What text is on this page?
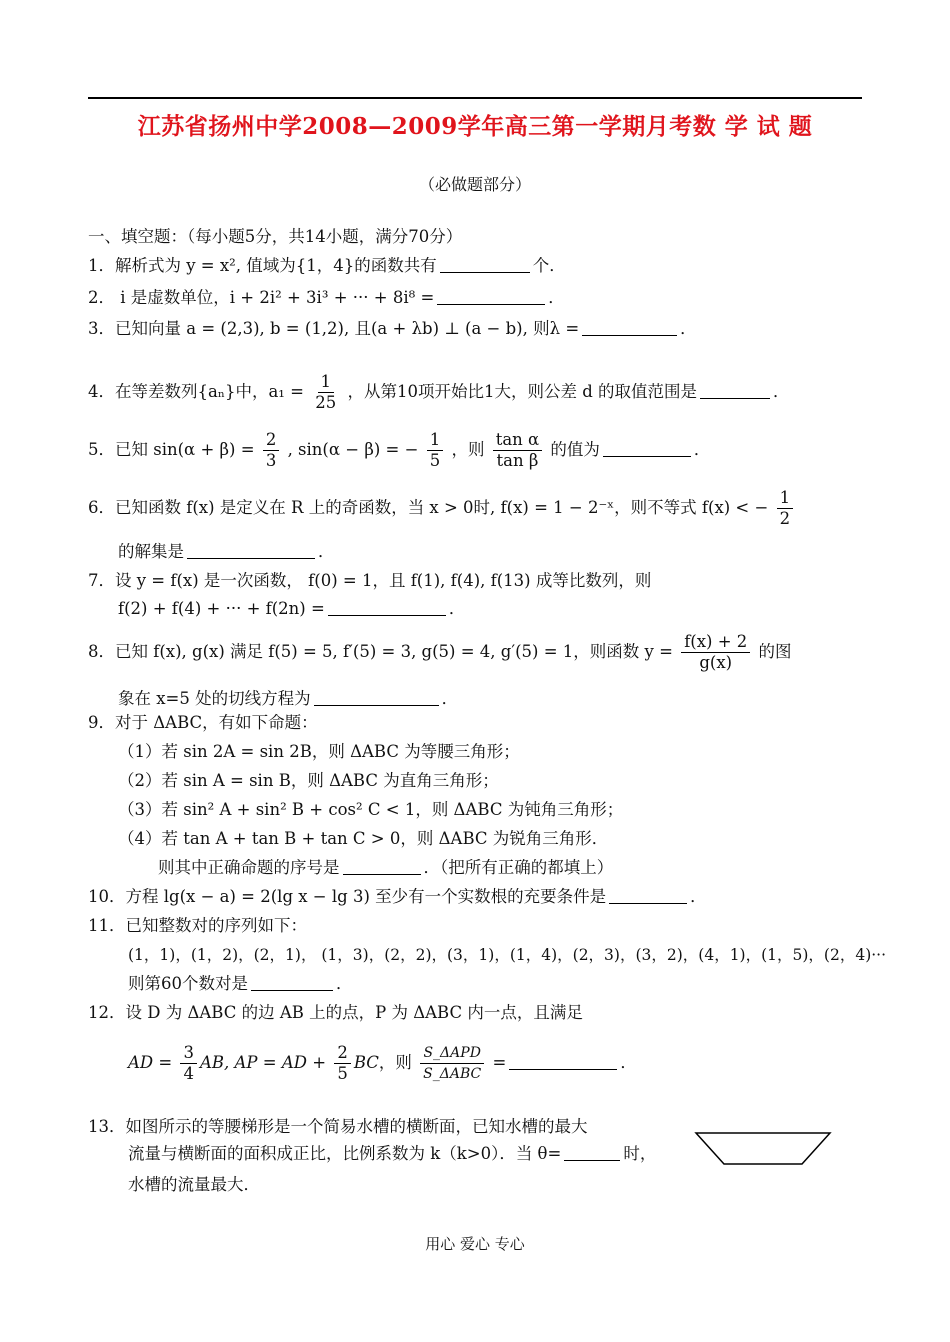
江苏省扬州中学2008—2009学年高三第一学期月考数 学 试 题
（必做题部分）
一、填空题：（每小题5分，共14小题，满分70分）
1．解析式为 y = x², 值域为{1，4}的函数共有	个．
2． i 是虚数单位，i + 2i² + 3i³ + ··· + 8i⁸ =	．
3．已知向量 a = (2,3), b = (1,2), 且(a + λb) ⊥ (a − b), 则λ =	．
4．在等差数列{aₙ}中，$a_1 = \frac{1}{25}$ ，从第10项开始比1大，则公差 d 的取值范围是	．
5．已知 $\sin(\alpha + \beta) = \frac{2}{3}$ , sin(α − β) = − $\frac{1}{5}$ ，则 $\frac{\text{tan α}}{\text{tan β}}$ 的值为	．
6．已知函数 f(x) 是定义在 R 上的奇函数，当 x > 0时, f(x) = 1 − 2⁻ˣ，则不等式 f(x) < − $\frac{1}{2}$
的解集是	．
7．设 y = f(x) 是一次函数， f(0) = 1，且 f(1), f(4), f(13) 成等比数列，则
f(2) + f(4) + ··· + f(2n) =	．
8．已知 f(x), g(x) 满足 f(5) = 5, f′(5) = 3, g(5) = 4, g′(5) = 1，则函数 $y = \frac{f(x) + 2}{g(x)}$ 的图
象在 x=5 处的切线方程为	．
9．对于 ΔABC，有如下命题：
（1）若 sin 2A = sin 2B，则 ΔABC 为等腰三角形；
（2）若 sin A = sin B，则 ΔABC 为直角三角形；
（3）若 sin² A + sin² B + cos² C < 1，则 ΔABC 为钝角三角形；
（4）若 tan A + tan B + tan C > 0，则 ΔABC 为锐角三角形．
则其中正确命题的序号是	．（把所有正确的都填上）
10．方程 lg(x − a) = 2(lg x − lg 3) 至少有一个实数根的充要条件是	．
11．已知整数对的序列如下：
(1，1)，(1，2)，(2，1)， (1，3)，(2，2)，(3，1)，(1，4)，(2，3)，(3，2)，(4，1)，(1，5)，(2，4)···
则第60个数对是	．
12．设 D 为 ΔABC 的边 AB 上的点，P 为 ΔABC 内一点，且满足
AD = $\frac{3}{4}$ AB, AP = AD + $\frac{2}{5}$ BC，则 $\frac{\text{S\_ΔAPD}}{\text{S\_ΔABC}}$ =	．
13．如图所示的等腰梯形是一个简易水槽的横断面，已知水槽的最大
流量与横断面的面积成正比，比例系数为 k（k>0）．当 θ=	时，
水槽的流量最大．
用心 爱心 专心
